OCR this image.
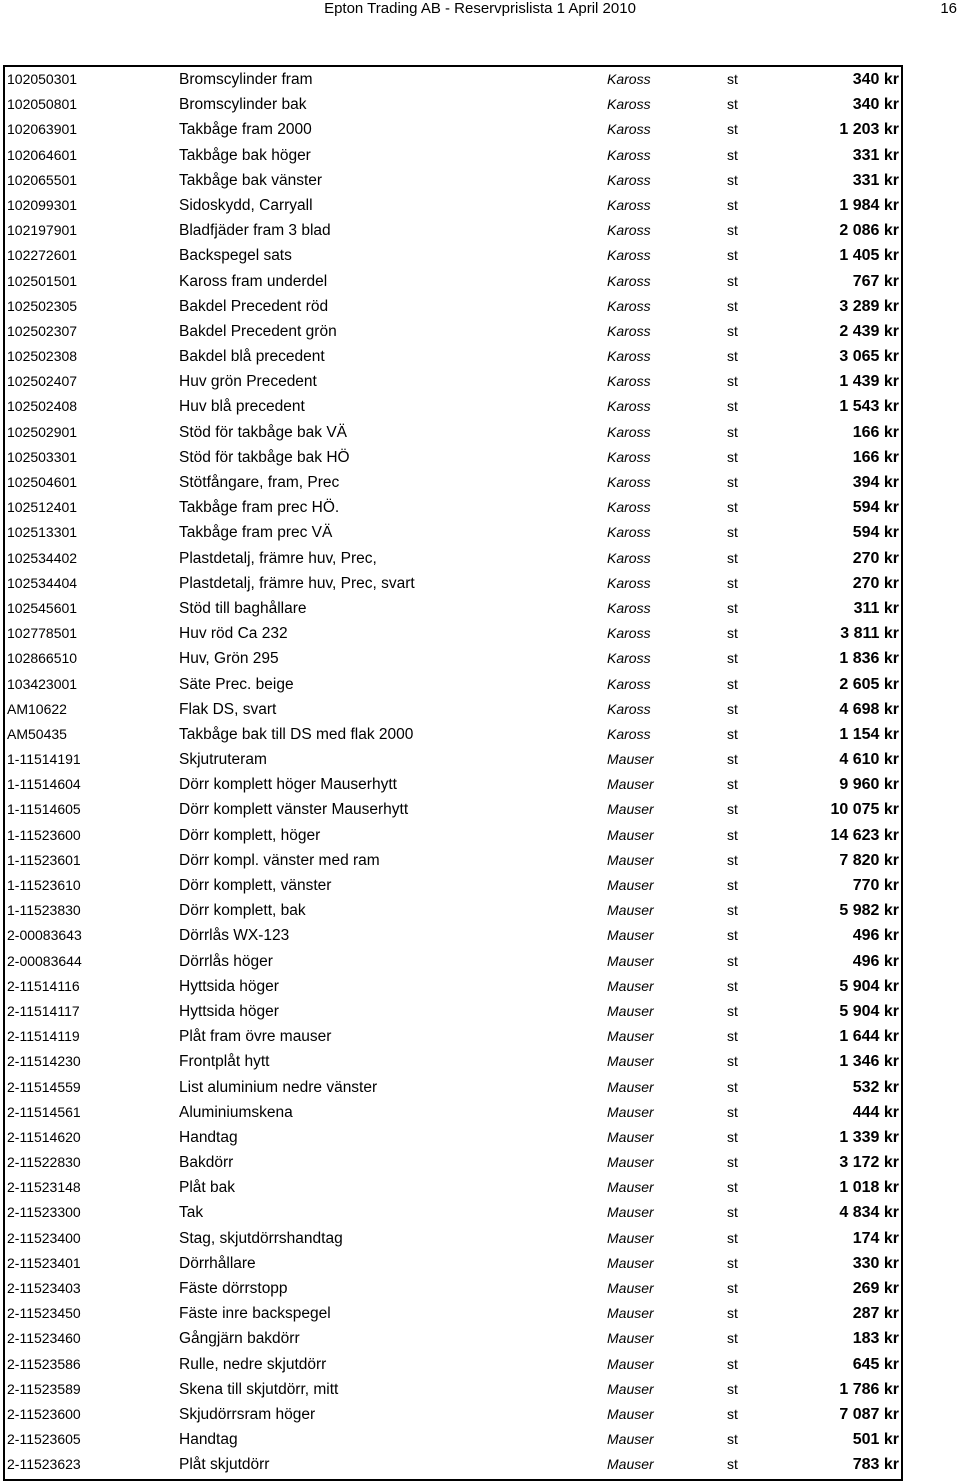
Epton Trading AB - Reservprislista 1 April 2010	16
102050301	Bromscylinder fram	Kaross	st	340 kr
102050801	Bromscylinder bak	Kaross	st	340 kr
102063901	Takbåge fram 2000	Kaross	st	1 203 kr
102064601	Takbåge bak höger	Kaross	st	331 kr
102065501	Takbåge bak vänster	Kaross	st	331 kr
102099301	Sidoskydd, Carryall	Kaross	st	1 984 kr
102197901	Bladfjäder fram 3 blad	Kaross	st	2 086 kr
102272601	Backspegel sats	Kaross	st	1 405 kr
102501501	Kaross fram underdel	Kaross	st	767 kr
102502305	Bakdel Precedent röd	Kaross	st	3 289 kr
102502307	Bakdel Precedent grön	Kaross	st	2 439 kr
102502308	Bakdel blå precedent	Kaross	st	3 065 kr
102502407	Huv grön Precedent	Kaross	st	1 439 kr
102502408	Huv blå precedent	Kaross	st	1 543 kr
102502901	Stöd för takbåge bak VÄ	Kaross	st	166 kr
102503301	Stöd för takbåge bak HÖ	Kaross	st	166 kr
102504601	Stötfångare, fram, Prec	Kaross	st	394 kr
102512401	Takbåge fram prec HÖ.	Kaross	st	594 kr
102513301	Takbåge fram prec VÄ	Kaross	st	594 kr
102534402	Plastdetalj, främre huv, Prec,	Kaross	st	270 kr
102534404	Plastdetalj, främre huv, Prec, svart	Kaross	st	270 kr
102545601	Stöd till baghållare	Kaross	st	311 kr
102778501	Huv röd Ca 232	Kaross	st	3 811 kr
102866510	Huv, Grön 295	Kaross	st	1 836 kr
103423001	Säte Prec. beige	Kaross	st	2 605 kr
AM10622	Flak DS, svart	Kaross	st	4 698 kr
AM50435	Takbåge bak till DS med flak 2000	Kaross	st	1 154 kr
1-11514191	Skjutruteram	Mauser	st	4 610 kr
1-11514604	Dörr komplett höger Mauserhytt	Mauser	st	9 960 kr
1-11514605	Dörr komplett vänster Mauserhytt	Mauser	st	10 075 kr
1-11523600	Dörr komplett, höger	Mauser	st	14 623 kr
1-11523601	Dörr kompl. vänster med ram	Mauser	st	7 820 kr
1-11523610	Dörr komplett, vänster	Mauser	st	770 kr
1-11523830	Dörr komplett, bak	Mauser	st	5 982 kr
2-00083643	Dörrlås WX-123	Mauser	st	496 kr
2-00083644	Dörrlås höger	Mauser	st	496 kr
2-11514116	Hyttsida höger	Mauser	st	5 904 kr
2-11514117	Hyttsida höger	Mauser	st	5 904 kr
2-11514119	Plåt fram övre mauser	Mauser	st	1 644 kr
2-11514230	Frontplåt hytt	Mauser	st	1 346 kr
2-11514559	List aluminium nedre vänster	Mauser	st	532 kr
2-11514561	Aluminiumskena	Mauser	st	444 kr
2-11514620	Handtag	Mauser	st	1 339 kr
2-11522830	Bakdörr	Mauser	st	3 172 kr
2-11523148	Plåt bak	Mauser	st	1 018 kr
2-11523300	Tak	Mauser	st	4 834 kr
2-11523400	Stag, skjutdörrshandtag	Mauser	st	174 kr
2-11523401	Dörrhållare	Mauser	st	330 kr
2-11523403	Fäste dörrstopp	Mauser	st	269 kr
2-11523450	Fäste inre backspegel	Mauser	st	287 kr
2-11523460	Gångjärn bakdörr	Mauser	st	183 kr
2-11523586	Rulle, nedre skjutdörr	Mauser	st	645 kr
2-11523589	Skena till skjutdörr, mitt	Mauser	st	1 786 kr
2-11523600	Skjudörrsram höger	Mauser	st	7 087 kr
2-11523605	Handtag	Mauser	st	501 kr
2-11523623	Plåt skjutdörr	Mauser	st	783 kr
